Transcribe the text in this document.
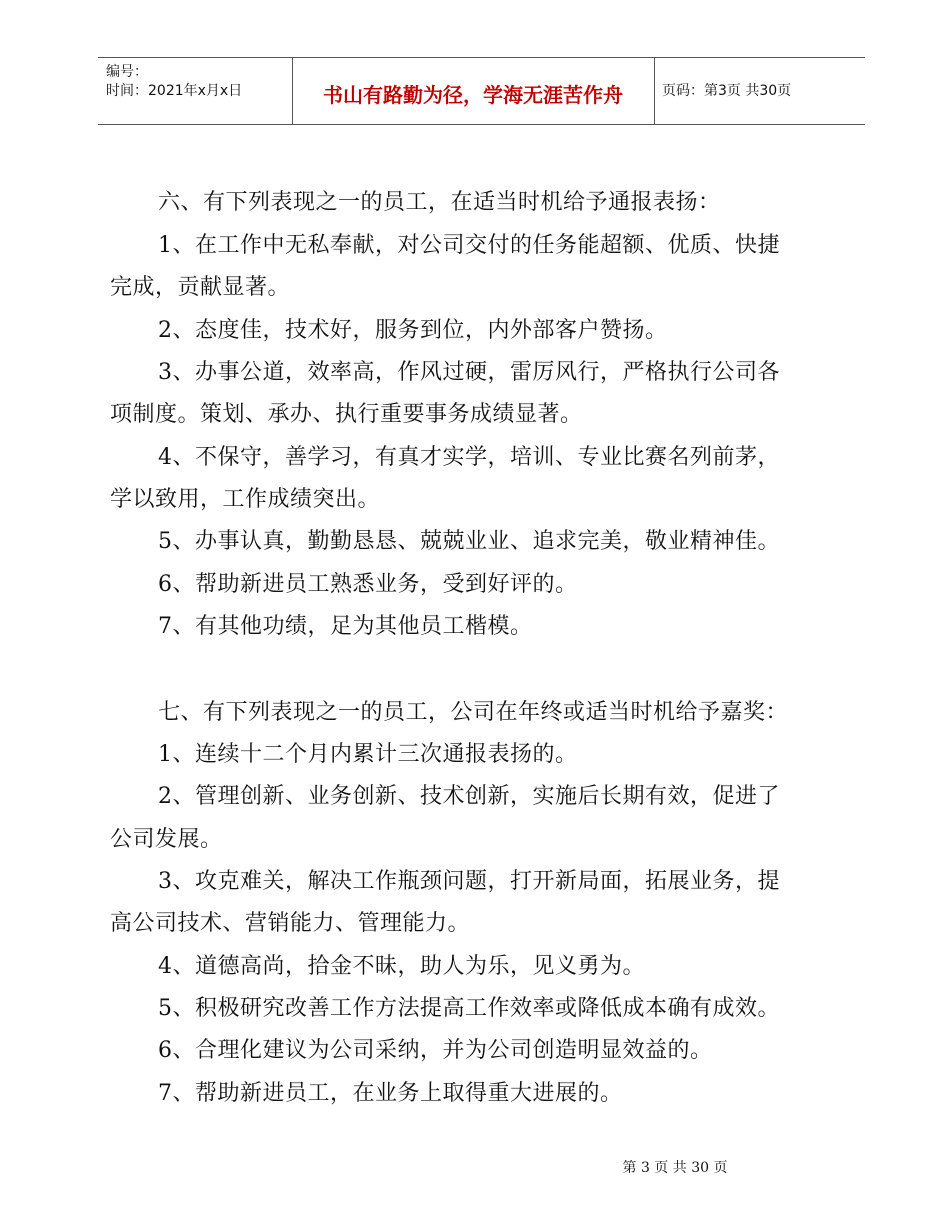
编号：
时间：2021年x月x日	书山有路勤为径，学海无涯苦作舟	页码：第3页 共30页
六、有下列表现之一的员工，在适当时机给予通报表扬：
1、在工作中无私奉献，对公司交付的任务能超额、优质、快捷
完成，贡献显著。
2、态度佳，技术好，服务到位，内外部客户赞扬。
3、办事公道，效率高，作风过硬，雷厉风行，严格执行公司各
项制度。策划、承办、执行重要事务成绩显著。
4、不保守，善学习，有真才实学，培训、专业比赛名列前茅，
学以致用，工作成绩突出。
5、办事认真，勤勤恳恳、兢兢业业、追求完美，敬业精神佳。
6、帮助新进员工熟悉业务，受到好评的。
7、有其他功绩，足为其他员工楷模。
七、有下列表现之一的员工，公司在年终或适当时机给予嘉奖：
1、连续十二个月内累计三次通报表扬的。
2、管理创新、业务创新、技术创新，实施后长期有效，促进了
公司发展。
3、攻克难关，解决工作瓶颈问题，打开新局面，拓展业务，提
高公司技术、营销能力、管理能力。
4、道德高尚，拾金不昧，助人为乐，见义勇为。
5、积极研究改善工作方法提高工作效率或降低成本确有成效。
6、合理化建议为公司采纳，并为公司创造明显效益的。
7、帮助新进员工，在业务上取得重大进展的。
第 3 页 共 30 页
